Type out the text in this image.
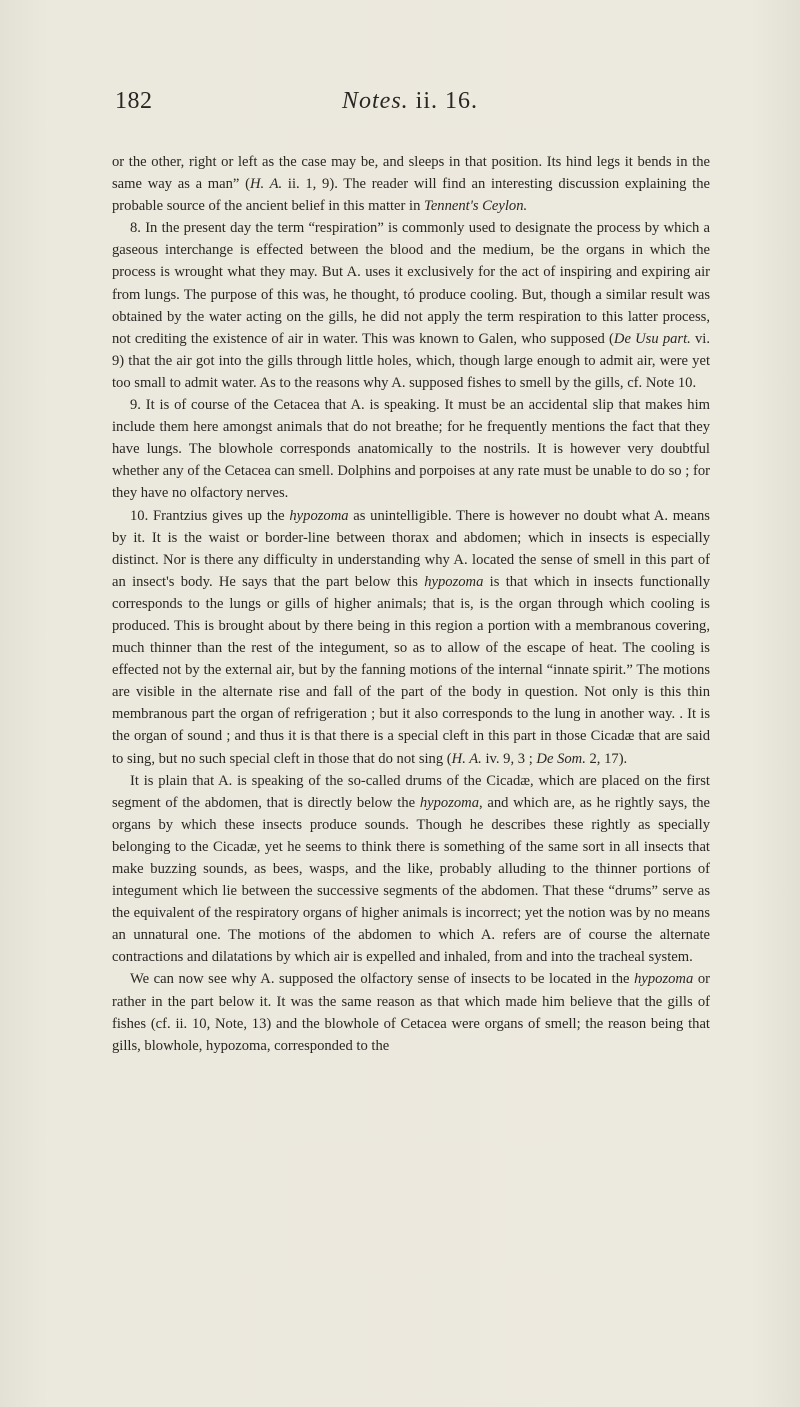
182	Notes. ii. 16.

or the other, right or left as the case may be, and sleeps in that position. Its hind legs it bends in the same way as a man” (H. A. ii. 1, 9). The reader will find an interesting discussion explaining the probable source of the ancient belief in this matter in Tennent's Ceylon.

8. In the present day the term “respiration” is commonly used to designate the process by which a gaseous interchange is effected between the blood and the medium, be the organs in which the process is wrought what they may. But A. uses it exclusively for the act of inspiring and expiring air from lungs. The purpose of this was, he thought, tó produce cooling. But, though a similar result was obtained by the water acting on the gills, he did not apply the term respiration to this latter process, not crediting the existence of air in water. This was known to Galen, who supposed (De Usu part. vi. 9) that the air got into the gills through little holes, which, though large enough to admit air, were yet too small to admit water. As to the reasons why A. supposed fishes to smell by the gills, cf. Note 10.

9. It is of course of the Cetacea that A. is speaking. It must be an accidental slip that makes him include them here amongst animals that do not breathe; for he frequently mentions the fact that they have lungs. The blowhole corresponds anatomically to the nostrils. It is however very doubtful whether any of the Cetacea can smell. Dolphins and porpoises at any rate must be unable to do so ; for they have no olfactory nerves.

10. Frantzius gives up the hypozoma as unintelligible. There is however no doubt what A. means by it. It is the waist or border-line between thorax and abdomen; which in insects is especially distinct. Nor is there any difficulty in understanding why A. located the sense of smell in this part of an insect's body. He says that the part below this hypozoma is that which in insects functionally corresponds to the lungs or gills of higher animals; that is, is the organ through which cooling is produced. This is brought about by there being in this region a portion with a membranous covering, much thinner than the rest of the integument, so as to allow of the escape of heat. The cooling is effected not by the external air, but by the fanning motions of the internal “innate spirit.” The motions are visible in the alternate rise and fall of the part of the body in question. Not only is this thin membranous part the organ of refrigeration ; but it also corresponds to the lung in another way. . It is the organ of sound ; and thus it is that there is a special cleft in this part in those Cicadæ that are said to sing, but no such special cleft in those that do not sing (H. A. iv. 9, 3 ; De Som. 2, 17).

It is plain that A. is speaking of the so-called drums of the Cicadæ, which are placed on the first segment of the abdomen, that is directly below the hypozoma, and which are, as he rightly says, the organs by which these insects produce sounds. Though he describes these rightly as specially belonging to the Cicadæ, yet he seems to think there is something of the same sort in all insects that make buzzing sounds, as bees, wasps, and the like, probably alluding to the thinner portions of integument which lie between the successive segments of the abdomen. That these “drums” serve as the equivalent of the respiratory organs of higher animals is incorrect; yet the notion was by no means an unnatural one. The motions of the abdomen to which A. refers are of course the alternate contractions and dilatations by which air is expelled and inhaled, from and into the tracheal system.

We can now see why A. supposed the olfactory sense of insects to be located in the hypozoma or rather in the part below it. It was the same reason as that which made him believe that the gills of fishes (cf. ii. 10, Note, 13) and the blowhole of Cetacea were organs of smell; the reason being that gills, blowhole, hypozoma, corresponded to the
